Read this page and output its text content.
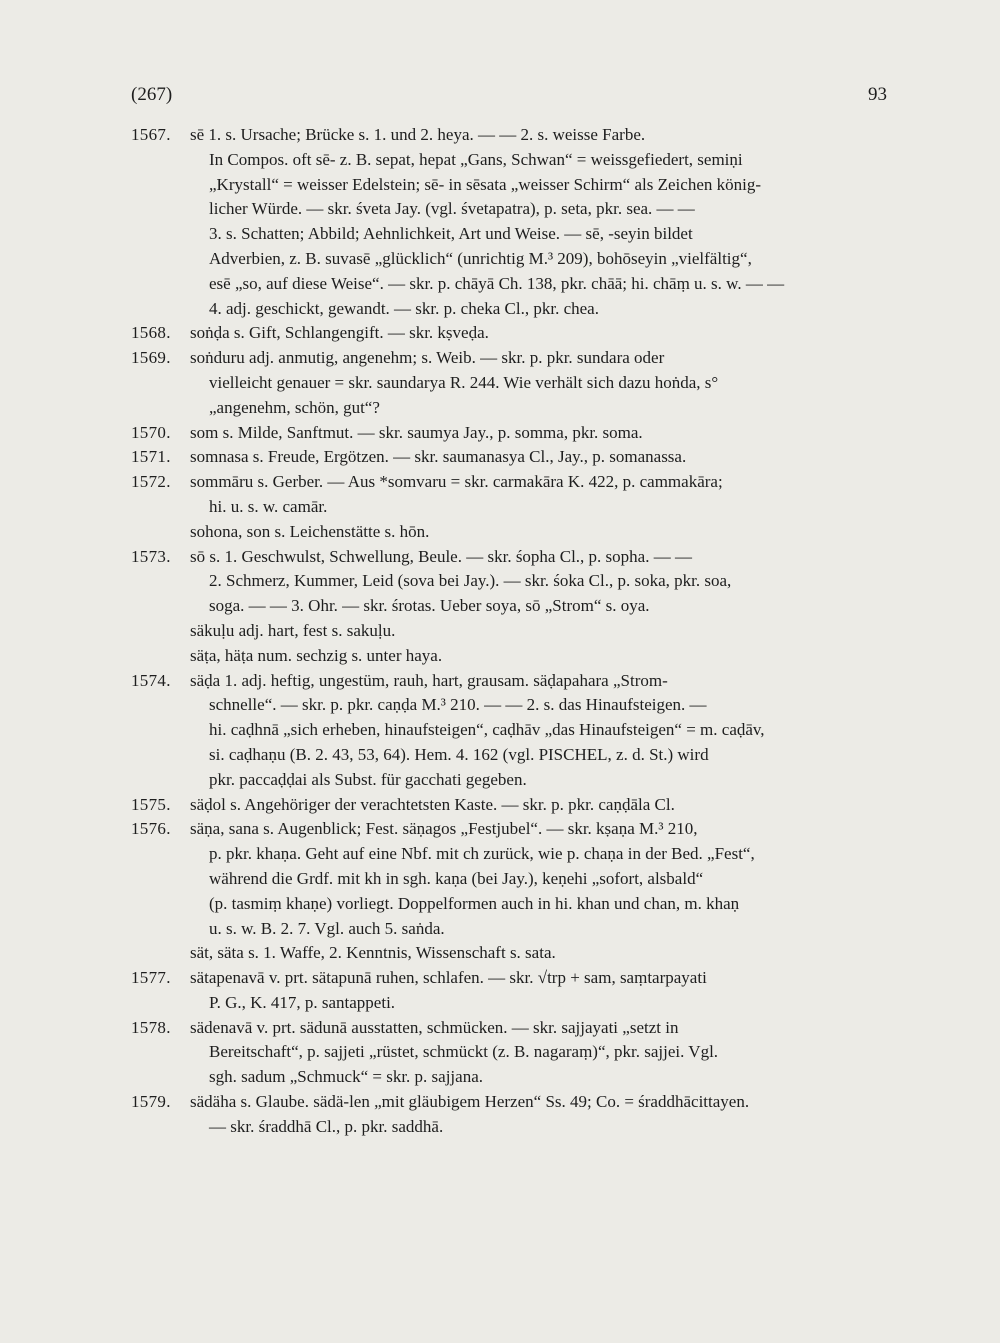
(267)	93
1567.	sē 1. s. Ursache; Brücke s. 1. und 2. heya. — — 2. s. weisse Farbe.
In Compos. oft sē- z. B. sepat, hepat „Gans, Schwan“ = weissgefiedert, semiṇi
„Krystall“ = weisser Edelstein; sē- in sēsata „weisser Schirm“ als Zeichen könig-
licher Würde. — skr. śveta Jay. (vgl. śvetapatra), p. seta, pkr. sea. — —
3. s. Schatten; Abbild; Aehnlichkeit, Art und Weise. — sē, -seyin bildet
Adverbien, z. B. suvasē „glücklich“ (unrichtig M.³ 209), bohōseyin „vielfältig“,
esē „so, auf diese Weise“. — skr. p. chāyā Ch. 138, pkr. chāā; hi. chāṃ u. s. w. — —
4. adj. geschickt, gewandt. — skr. p. cheka Cl., pkr. chea.
1568.	soṅḍa s. Gift, Schlangengift. — skr. kṣveḍa.
1569.	soṅduru adj. anmutig, angenehm; s. Weib. — skr. p. pkr. sundara oder
vielleicht genauer = skr. saundarya R. 244. Wie verhält sich dazu hoṅda, s°
„angenehm, schön, gut“?
1570.	som s. Milde, Sanftmut. — skr. saumya Jay., p. somma, pkr. soma.
1571.	somnasa s. Freude, Ergötzen. — skr. saumanasya Cl., Jay., p. somanassa.
1572.	sommāru s. Gerber. — Aus *somvaru = skr. carmakāra K. 422, p. cammakāra;
hi. u. s. w. camār.
sohona, son s. Leichenstätte s. hōn.
1573.	sō s. 1. Geschwulst, Schwellung, Beule. — skr. śopha Cl., p. sopha. — —
2. Schmerz, Kummer, Leid (sova bei Jay.). — skr. śoka Cl., p. soka, pkr. soa,
soga. — — 3. Ohr. — skr. śrotas. Ueber soya, sō „Strom“ s. oya.
säkuḷu adj. hart, fest s. sakuḷu.
säṭa, häṭa num. sechzig s. unter haya.
1574.	säḍa 1. adj. heftig, ungestüm, rauh, hart, grausam. säḍapahara „Strom-
schnelle“. — skr. p. pkr. caṇḍa M.³ 210. — — 2. s. das Hinaufsteigen. —
hi. caḍhnā „sich erheben, hinaufsteigen“, caḍhāv „das Hinaufsteigen“ = m. caḍāv,
si. caḍhaṇu (B. 2. 43, 53, 64). Hem. 4. 162 (vgl. PISCHEL, z. d. St.) wird
pkr. paccaḍḍai als Subst. für gacchati gegeben.
1575.	säḍol s. Angehöriger der verachtetsten Kaste. — skr. p. pkr. caṇḍāla Cl.
1576.	säṇa, sana s. Augenblick; Fest. säṇagos „Festjubel“. — skr. kṣaṇa M.³ 210,
p. pkr. khaṇa. Geht auf eine Nbf. mit ch zurück, wie p. chaṇa in der Bed. „Fest“,
während die Grdf. mit kh in sgh. kaṇa (bei Jay.), keṇehi „sofort, alsbald“
(p. tasmiṃ khaṇe) vorliegt. Doppelformen auch in hi. khan und chan, m. khaṇ
u. s. w. B. 2. 7. Vgl. auch 5. saṅda.
sät, säta s. 1. Waffe, 2. Kenntnis, Wissenschaft s. sata.
1577.	sätapenavā v. prt. sätapunā ruhen, schlafen. — skr. √trp + sam, saṃtarpayati
P. G., K. 417, p. santappeti.
1578.	sädenavā v. prt. sädunā ausstatten, schmücken. — skr. sajjayati „setzt in
Bereitschaft“, p. sajjeti „rüstet, schmückt (z. B. nagaraṃ)“, pkr. sajjei. Vgl.
sgh. sadum „Schmuck“ = skr. p. sajjana.
1579.	sädäha s. Glaube. sädä-len „mit gläubigem Herzen“ Ss. 49; Co. = śraddhācittayen.
— skr. śraddhā Cl., p. pkr. saddhā.
